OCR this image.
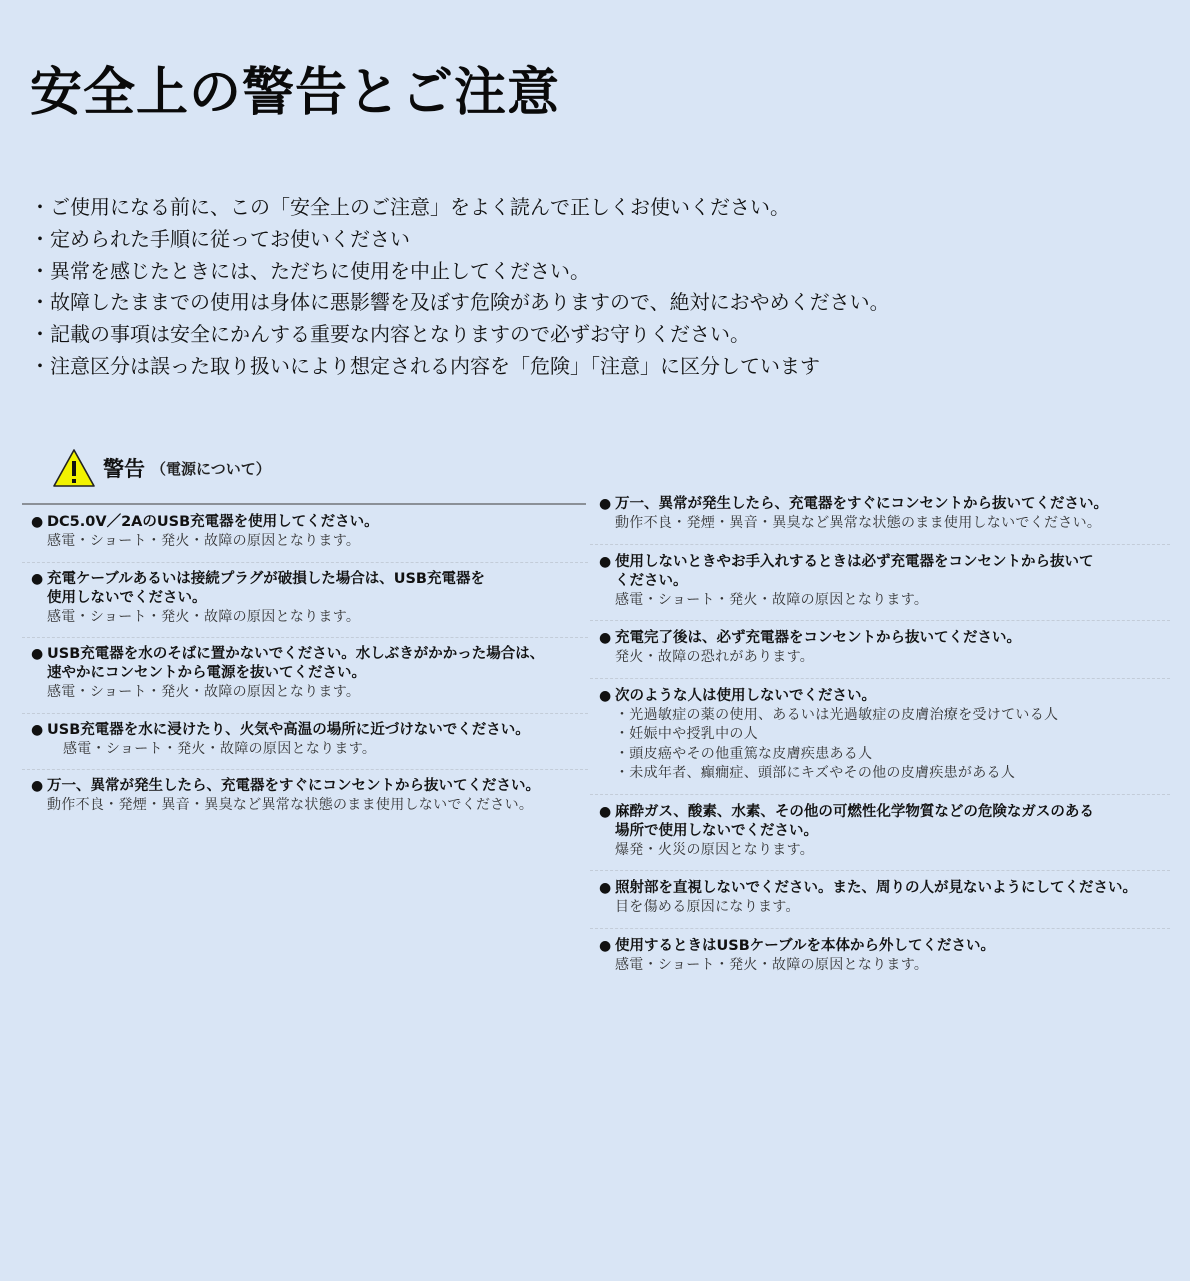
安全上の警告とご注意
・ご使用になる前に、この「安全上のご注意」をよく読んで正しくお使いください。
・定められた手順に従ってお使いください
・異常を感じたときには、ただちに使用を中止してください。
・故障したままでの使用は身体に悪影響を及ぼす危険がありますので、絶対におやめください。
・記載の事項は安全にかんする重要な内容となりますので必ずお守りください。
・注意区分は誤った取り扱いにより想定される内容を「危険」「注意」に区分しています
警告 （電源について）
● DC5.0V／2AのUSB充電器を使用してください。
感電・ショート・発火・故障の原因となります。
● 充電ケーブルあるいは接続プラグが破損した場合は、USB充電器を
使用しないでください。
感電・ショート・発火・故障の原因となります。
● USB充電器を水のそばに置かないでください。水しぶきがかかった場合は、
速やかにコンセントから電源を抜いてください。
感電・ショート・発火・故障の原因となります。
● USB充電器を水に浸けたり、火気や高温の場所に近づけないでください。
感電・ショート・発火・故障の原因となります。
● 万一、異常が発生したら、充電器をすぐにコンセントから抜いてください。
動作不良・発煙・異音・異臭など異常な状態のまま使用しないでください。
● 万一、異常が発生したら、充電器をすぐにコンセントから抜いてください。
動作不良・発煙・異音・異臭など異常な状態のまま使用しないでください。
● 使用しないときやお手入れするときは必ず充電器をコンセントから抜いて
ください。
感電・ショート・発火・故障の原因となります。
● 充電完了後は、必ず充電器をコンセントから抜いてください。
発火・故障の恐れがあります。
● 次のような人は使用しないでください。
・光過敏症の薬の使用、あるいは光過敏症の皮膚治療を受けている人
・妊娠中や授乳中の人
・頭皮癌やその他重篤な皮膚疾患ある人
・未成年者、癲癇症、頭部にキズやその他の皮膚疾患がある人
● 麻酔ガス、酸素、水素、その他の可燃性化学物質などの危険なガスのある
場所で使用しないでください。
爆発・火災の原因となります。
● 照射部を直視しないでください。また、周りの人が見ないようにしてください。
目を傷める原因になります。
● 使用するときはUSBケーブルを本体から外してください。
感電・ショート・発火・故障の原因となります。
